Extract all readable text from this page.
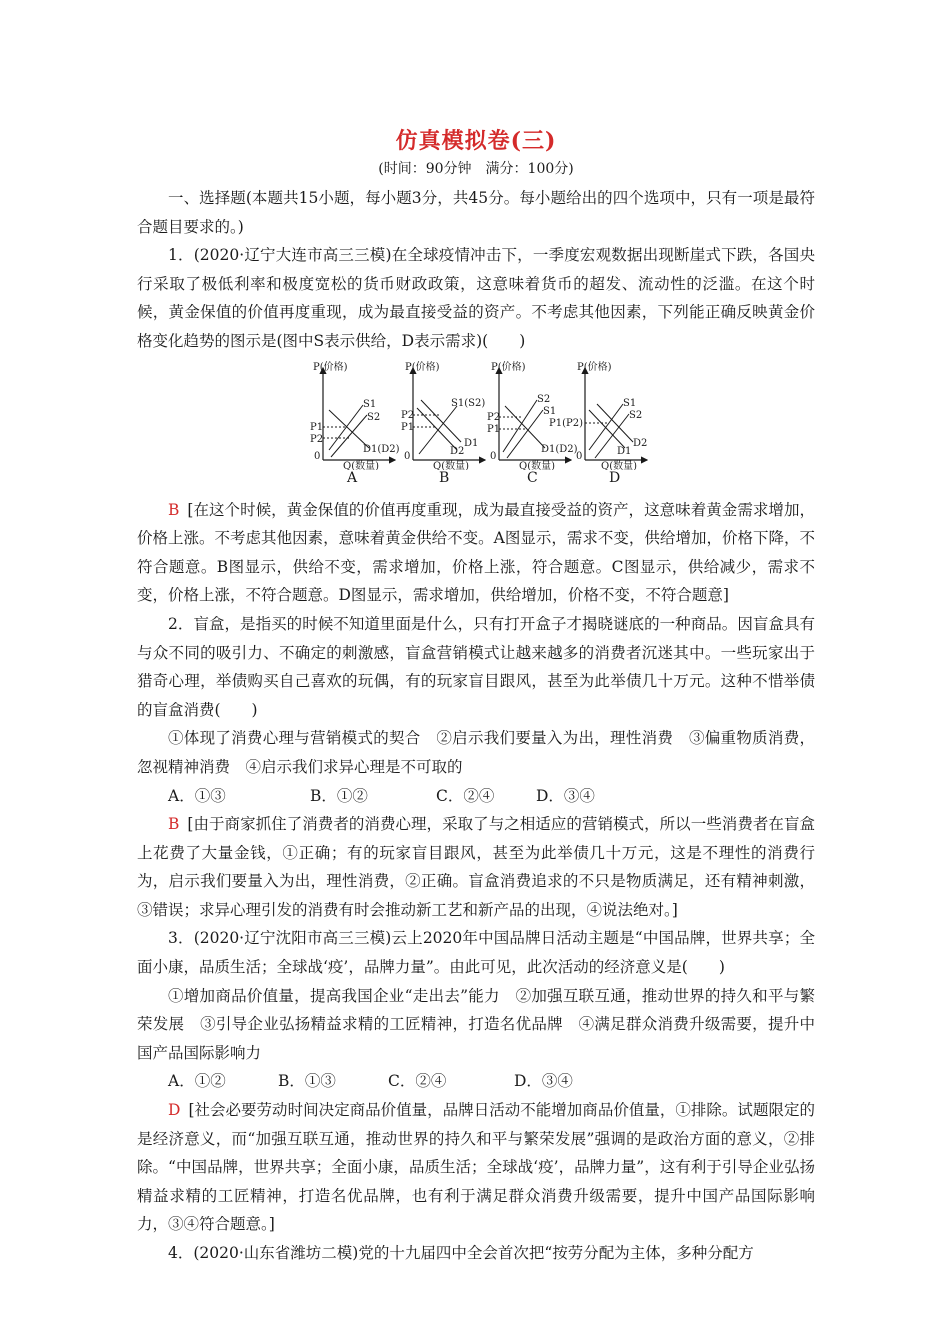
仿真模拟卷(三)
(时间：90分钟　满分：100分)

一、选择题(本题共15小题，每小题3分，共45分。每小题给出的四个选项中，只有一项是最符合题目要求的。)

1．(2020·辽宁大连市高三三模)在全球疫情冲击下，一季度宏观数据出现断崖式下跌，各国央行采取了极低利率和极度宽松的货币财政政策，这意味着货币的超发、流动性的泛滥。在这个时候，黄金保值的价值再度重现，成为最直接受益的资产。不考虑其他因素，下列能正确反映黄金价格变化趋势的图示是(图中S表示供给，D表示需求)(　　)

P(价格)
Q(数量)
0
P1
P2
S1
S2
D1(D2)
P(价格)
Q(数量)
0
P2
P1
S1(S2)
D2
D1
P(价格)
Q(数量)
0
P2
P1
S2
S1
D1(D2)
P(价格)
Q(数量)
0
P1(P2)
S1
S2
D1
D2
A	B	C	D

B [在这个时候，黄金保值的价值再度重现，成为最直接受益的资产，这意味着黄金需求增加，价格上涨。不考虑其他因素，意味着黄金供给不变。A图显示，需求不变，供给增加，价格下降，不符合题意。B图显示，供给不变，需求增加，价格上涨，符合题意。C图显示，供给减少，需求不变，价格上涨，不符合题意。D图显示，需求增加，供给增加，价格不变，不符合题意]

2．盲盒，是指买的时候不知道里面是什么，只有打开盒子才揭晓谜底的一种商品。因盲盒具有与众不同的吸引力、不确定的刺激感，盲盒营销模式让越来越多的消费者沉迷其中。一些玩家出于猎奇心理，举债购买自己喜欢的玩偶，有的玩家盲目跟风，甚至为此举债几十万元。这种不惜举债的盲盒消费(　　)

①体现了消费心理与营销模式的契合　②启示我们要量入为出，理性消费　③偏重物质消费，忽视精神消费　④启示我们求异心理是不可取的

A．①③	B．①②	C．②④	D．③④

B [由于商家抓住了消费者的消费心理，采取了与之相适应的营销模式，所以一些消费者在盲盒上花费了大量金钱，①正确；有的玩家盲目跟风，甚至为此举债几十万元，这是不理性的消费行为，启示我们要量入为出，理性消费，②正确。盲盒消费追求的不只是物质满足，还有精神刺激，③错误；求异心理引发的消费有时会推动新工艺和新产品的出现，④说法绝对。]

3．(2020·辽宁沈阳市高三三模)云上2020年中国品牌日活动主题是“中国品牌，世界共享；全面小康，品质生活；全球战‘疫’，品牌力量”。由此可见，此次活动的经济意义是(　　)

①增加商品价值量，提高我国企业“走出去”能力　②加强互联互通，推动世界的持久和平与繁荣发展　③引导企业弘扬精益求精的工匠精神，打造名优品牌　④满足群众消费升级需要，提升中国产品国际影响力

A．①②	B．①③	C．②④	D．③④

D [社会必要劳动时间决定商品价值量，品牌日活动不能增加商品价值量，①排除。试题限定的是经济意义，而“加强互联互通，推动世界的持久和平与繁荣发展”强调的是政治方面的意义，②排除。“中国品牌，世界共享；全面小康，品质生活；全球战‘疫’，品牌力量”，这有利于引导企业弘扬精益求精的工匠精神，打造名优品牌，也有利于满足群众消费升级需要，提升中国产品国际影响力，③④符合题意。]

4．(2020·山东省潍坊二模)党的十九届四中全会首次把“按劳分配为主体，多种分配方
